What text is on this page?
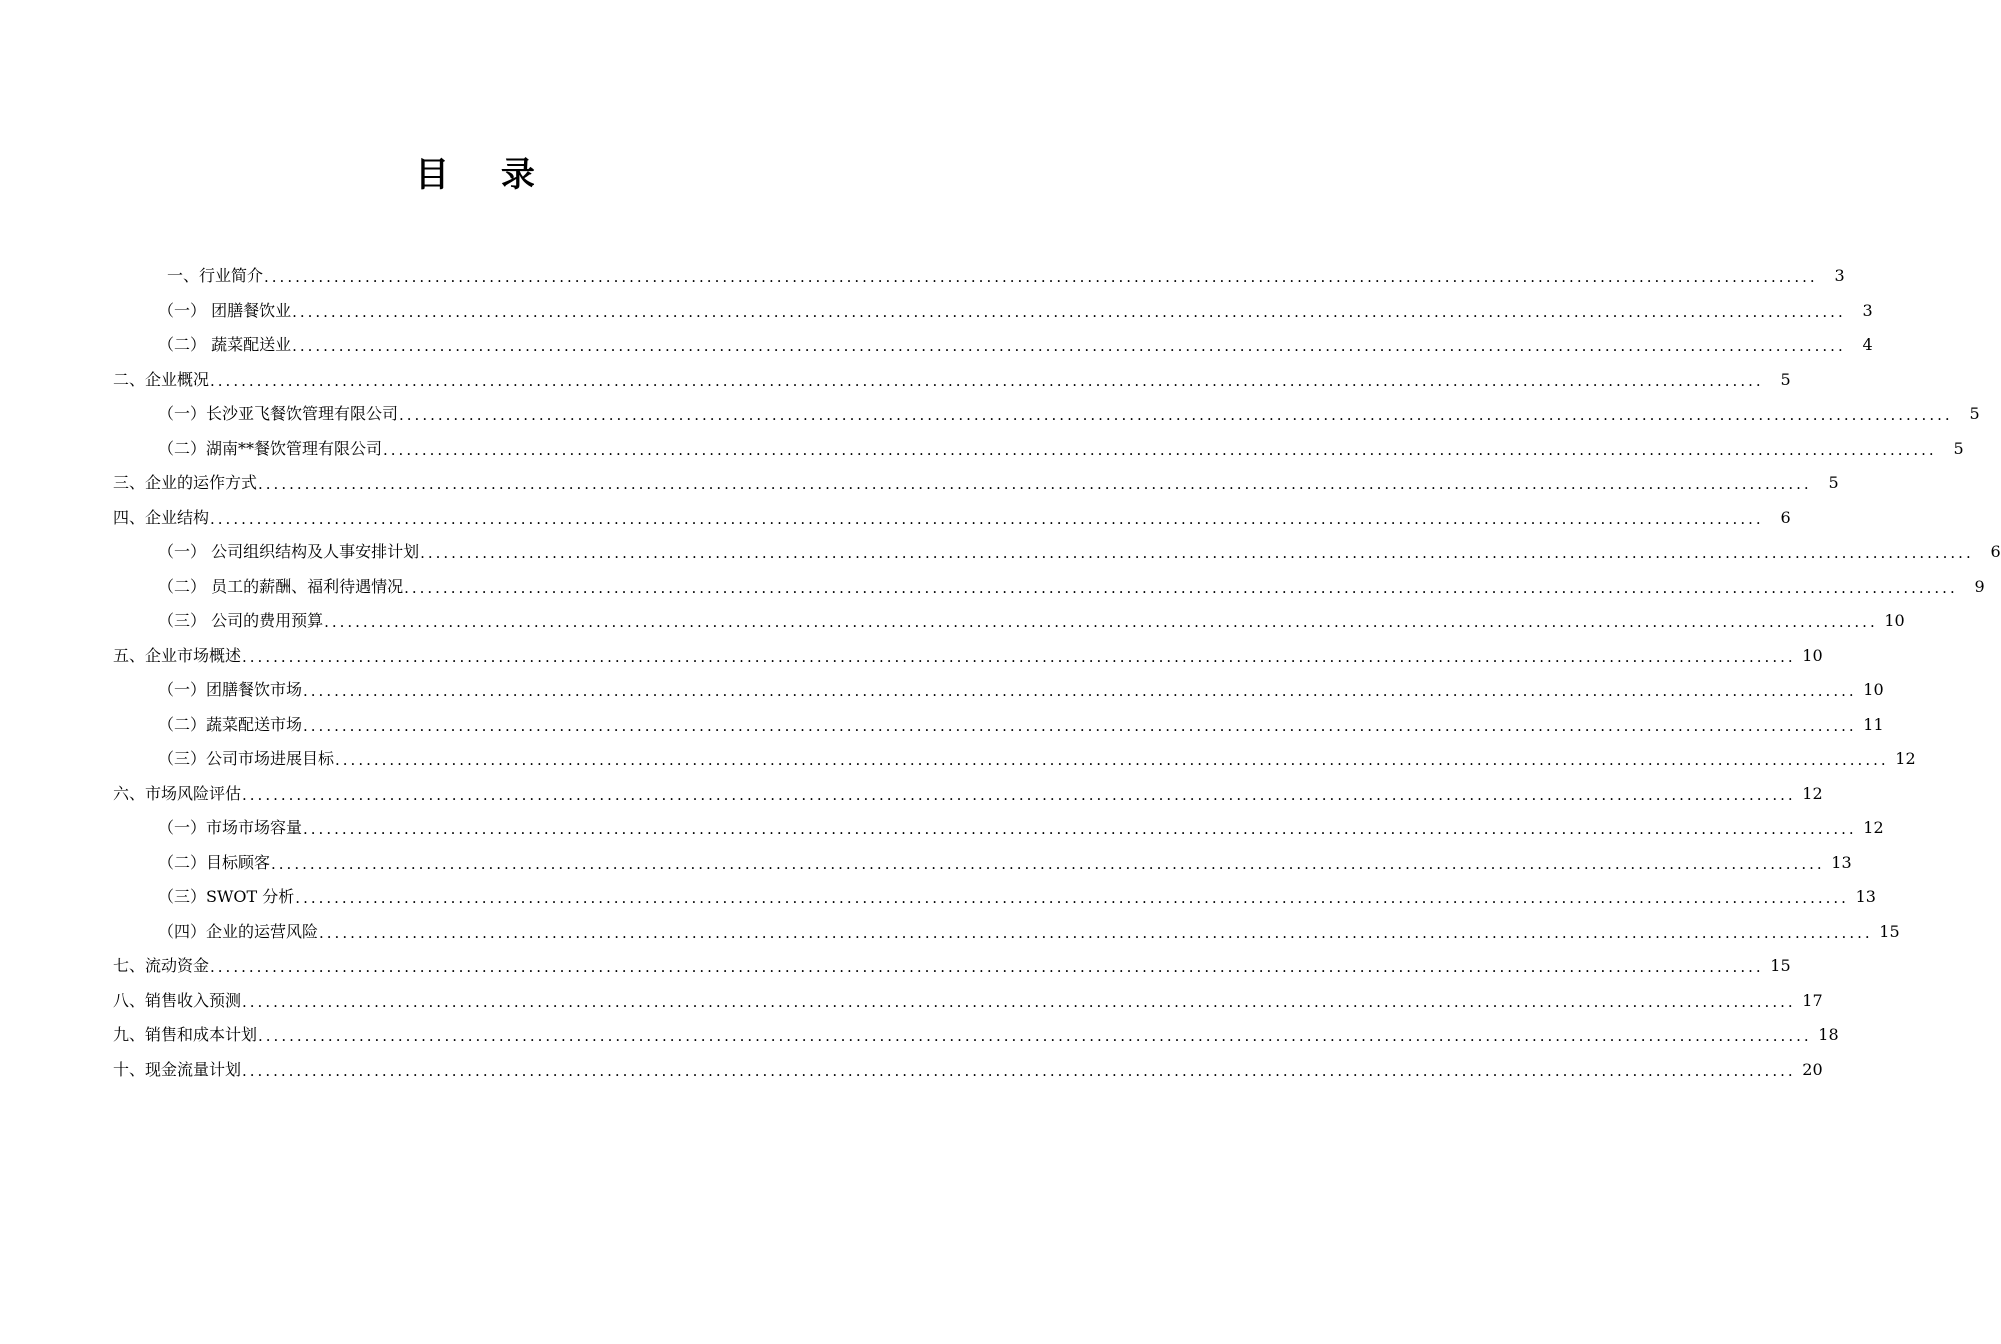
目 录
一、行业简介 ........................................................................................................................................................................................................	3
（一） 团膳餐饮业 ........................................................................................................................................................................................................	3
（二） 蔬菜配送业 ........................................................................................................................................................................................................	4
二、企业概况 ........................................................................................................................................................................................................	5
（一）长沙亚飞餐饮管理有限公司 ........................................................................................................................................................................................................	5
（二）湖南**餐饮管理有限公司 ........................................................................................................................................................................................................	5
三、企业的运作方式 ........................................................................................................................................................................................................	5
四、企业结构 ........................................................................................................................................................................................................	6
（一） 公司组织结构及人事安排计划 ........................................................................................................................................................................................................	6
（二） 员工的薪酬、福利待遇情况 ........................................................................................................................................................................................................	9
（三） 公司的费用预算 ........................................................................................................................................................................................................ 10
五、企业市场概述 ........................................................................................................................................................................................................ 10
（一）团膳餐饮市场 ........................................................................................................................................................................................................ 10
（二）蔬菜配送市场 ........................................................................................................................................................................................................ 11
（三）公司市场进展目标 ........................................................................................................................................................................................................ 12
六、市场风险评估 ........................................................................................................................................................................................................ 12
（一）市场市场容量 ........................................................................................................................................................................................................ 12
（二）目标顾客 ........................................................................................................................................................................................................ 13
（三）SWOT 分析 ........................................................................................................................................................................................................ 13
（四）企业的运营风险 ........................................................................................................................................................................................................ 15
七、流动资金 ........................................................................................................................................................................................................ 15
八、销售收入预测 ........................................................................................................................................................................................................ 17
九、销售和成本计划 ........................................................................................................................................................................................................ 18
十、现金流量计划 ........................................................................................................................................................................................................ 20
